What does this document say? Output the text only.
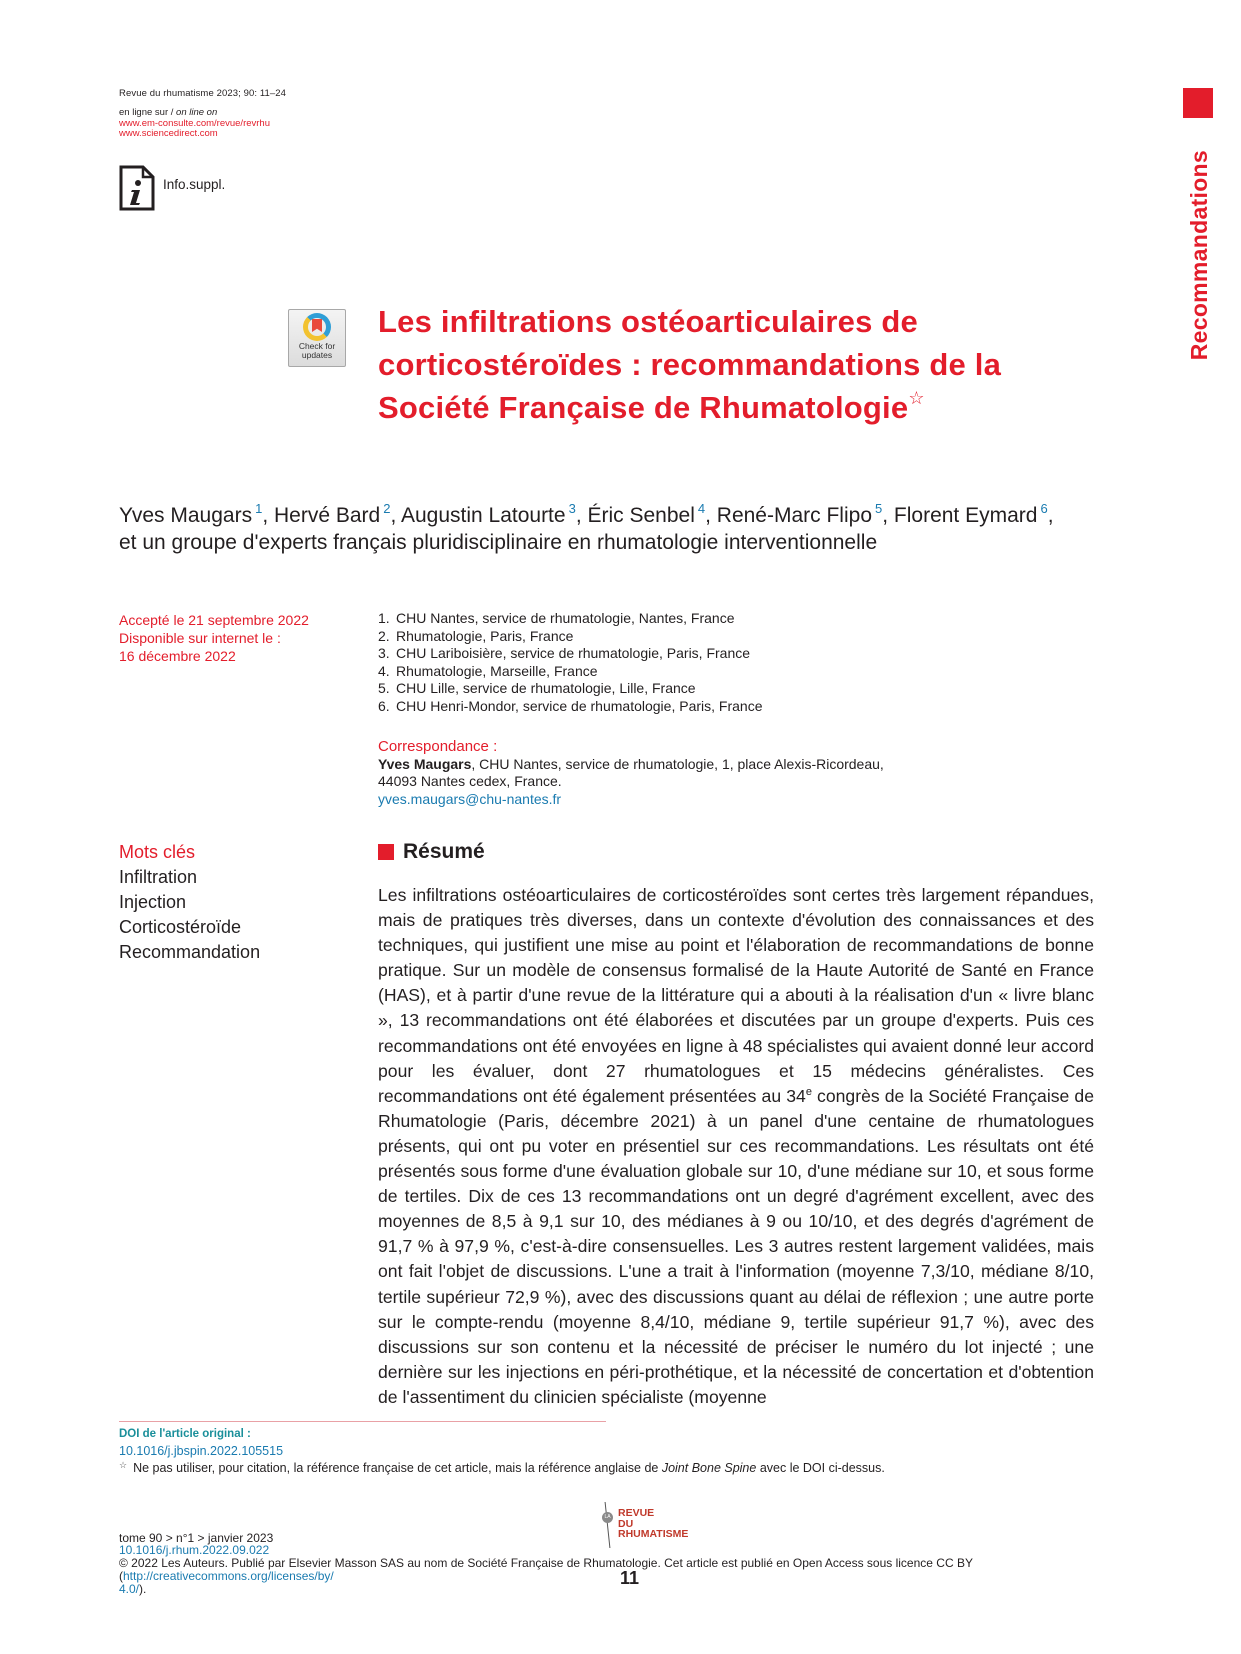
Revue du rhumatisme 2023; 90: 11–24
en ligne sur / on line on
www.em-consulte.com/revue/revrhu
www.sciencedirect.com
Info.suppl.	Recommandations
Check for
updates
Les infiltrations ostéoarticulaires de
corticostéroïdes : recommandations de la
Société Française de Rhumatologie☆
Yves Maugars $^1$, Hervé Bard $^2$, Augustin Latourte $^3$, Éric Senbel $^4$, René-Marc Flipo $^5$, Florent Eymard $^6$,
et un groupe d'experts français pluridisciplinaire en rhumatologie interventionnelle
Accepté le 21 septembre 2022
Disponible sur internet le :
16 décembre 2022
1. CHU Nantes, service de rhumatologie, Nantes, France
2. Rhumatologie, Paris, France
3. CHU Lariboisière, service de rhumatologie, Paris, France
4. Rhumatologie, Marseille, France
5. CHU Lille, service de rhumatologie, Lille, France
6. CHU Henri-Mondor, service de rhumatologie, Paris, France
Correspondance :
Yves Maugars, CHU Nantes, service de rhumatologie, 1, place Alexis-Ricordeau,
44093 Nantes cedex, France.
yves.maugars@chu-nantes.fr
Mots clés
Infiltration
Injection
Corticostéroïde
Recommandation
Résumé

Les infiltrations ostéoarticulaires de corticostéroïdes sont certes très largement répandues, mais de pratiques très diverses, dans un contexte d'évolution des connaissances et des techniques, qui justifient une mise au point et l'élaboration de recommandations de bonne pratique. Sur un modèle de consensus formalisé de la Haute Autorité de Santé en France (HAS), et à partir d'une revue de la littérature qui a abouti à la réalisation d'un « livre blanc », 13 recommandations ont été élaborées et discutées par un groupe d'experts. Puis ces recommandations ont été envoyées en ligne à 48 spécialistes qui avaient donné leur accord pour les évaluer, dont 27 rhumatologues et 15 médecins généralistes. Ces recommandations ont été également présentées au 34e congrès de la Société Française de Rhumatologie (Paris, décembre 2021) à un panel d'une centaine de rhumatologues présents, qui ont pu voter en présentiel sur ces recommandations. Les résultats ont été présentés sous forme d'une évaluation globale sur 10, d'une médiane sur 10, et sous forme de tertiles. Dix de ces 13 recommandations ont un degré d'agrément excellent, avec des moyennes de 8,5 à 9,1 sur 10, des médianes à 9 ou 10/10, et des degrés d'agrément de 91,7 % à 97,9 %, c'est-à-dire consensuelles. Les 3 autres restent largement validées, mais ont fait l'objet de discussions. L'une a trait à l'information (moyenne 7,3/10, médiane 8/10, tertile supérieur 72,9 %), avec des discussions quant au délai de réflexion ; une autre porte sur le compte-rendu (moyenne 8,4/10, médiane 9, tertile supérieur 91,7 %), avec des discussions sur son contenu et la nécessité de préciser le numéro du lot injecté ; une dernière sur les injections en péri-prothétique, et la nécessité de concertation et d'obtention de l'assentiment du clinicien spécialiste (moyenne

DOI de l'article original :
10.1016/j.jbspin.2022.105515
☆ Ne pas utiliser, pour citation, la référence française de cet article, mais la référence anglaise de Joint Bone Spine avec le DOI ci-dessus.
LA REVUE
DU
RHUMATISME
tome 90 > n°1 > janvier 2023
10.1016/j.rhum.2022.09.022
© 2022 Les Auteurs. Publié par Elsevier Masson SAS au nom de Société Française de Rhumatologie. Cet article est publié en Open Access sous licence CC BY (http://creativecommons.org/licenses/by/
4.0/).
11
